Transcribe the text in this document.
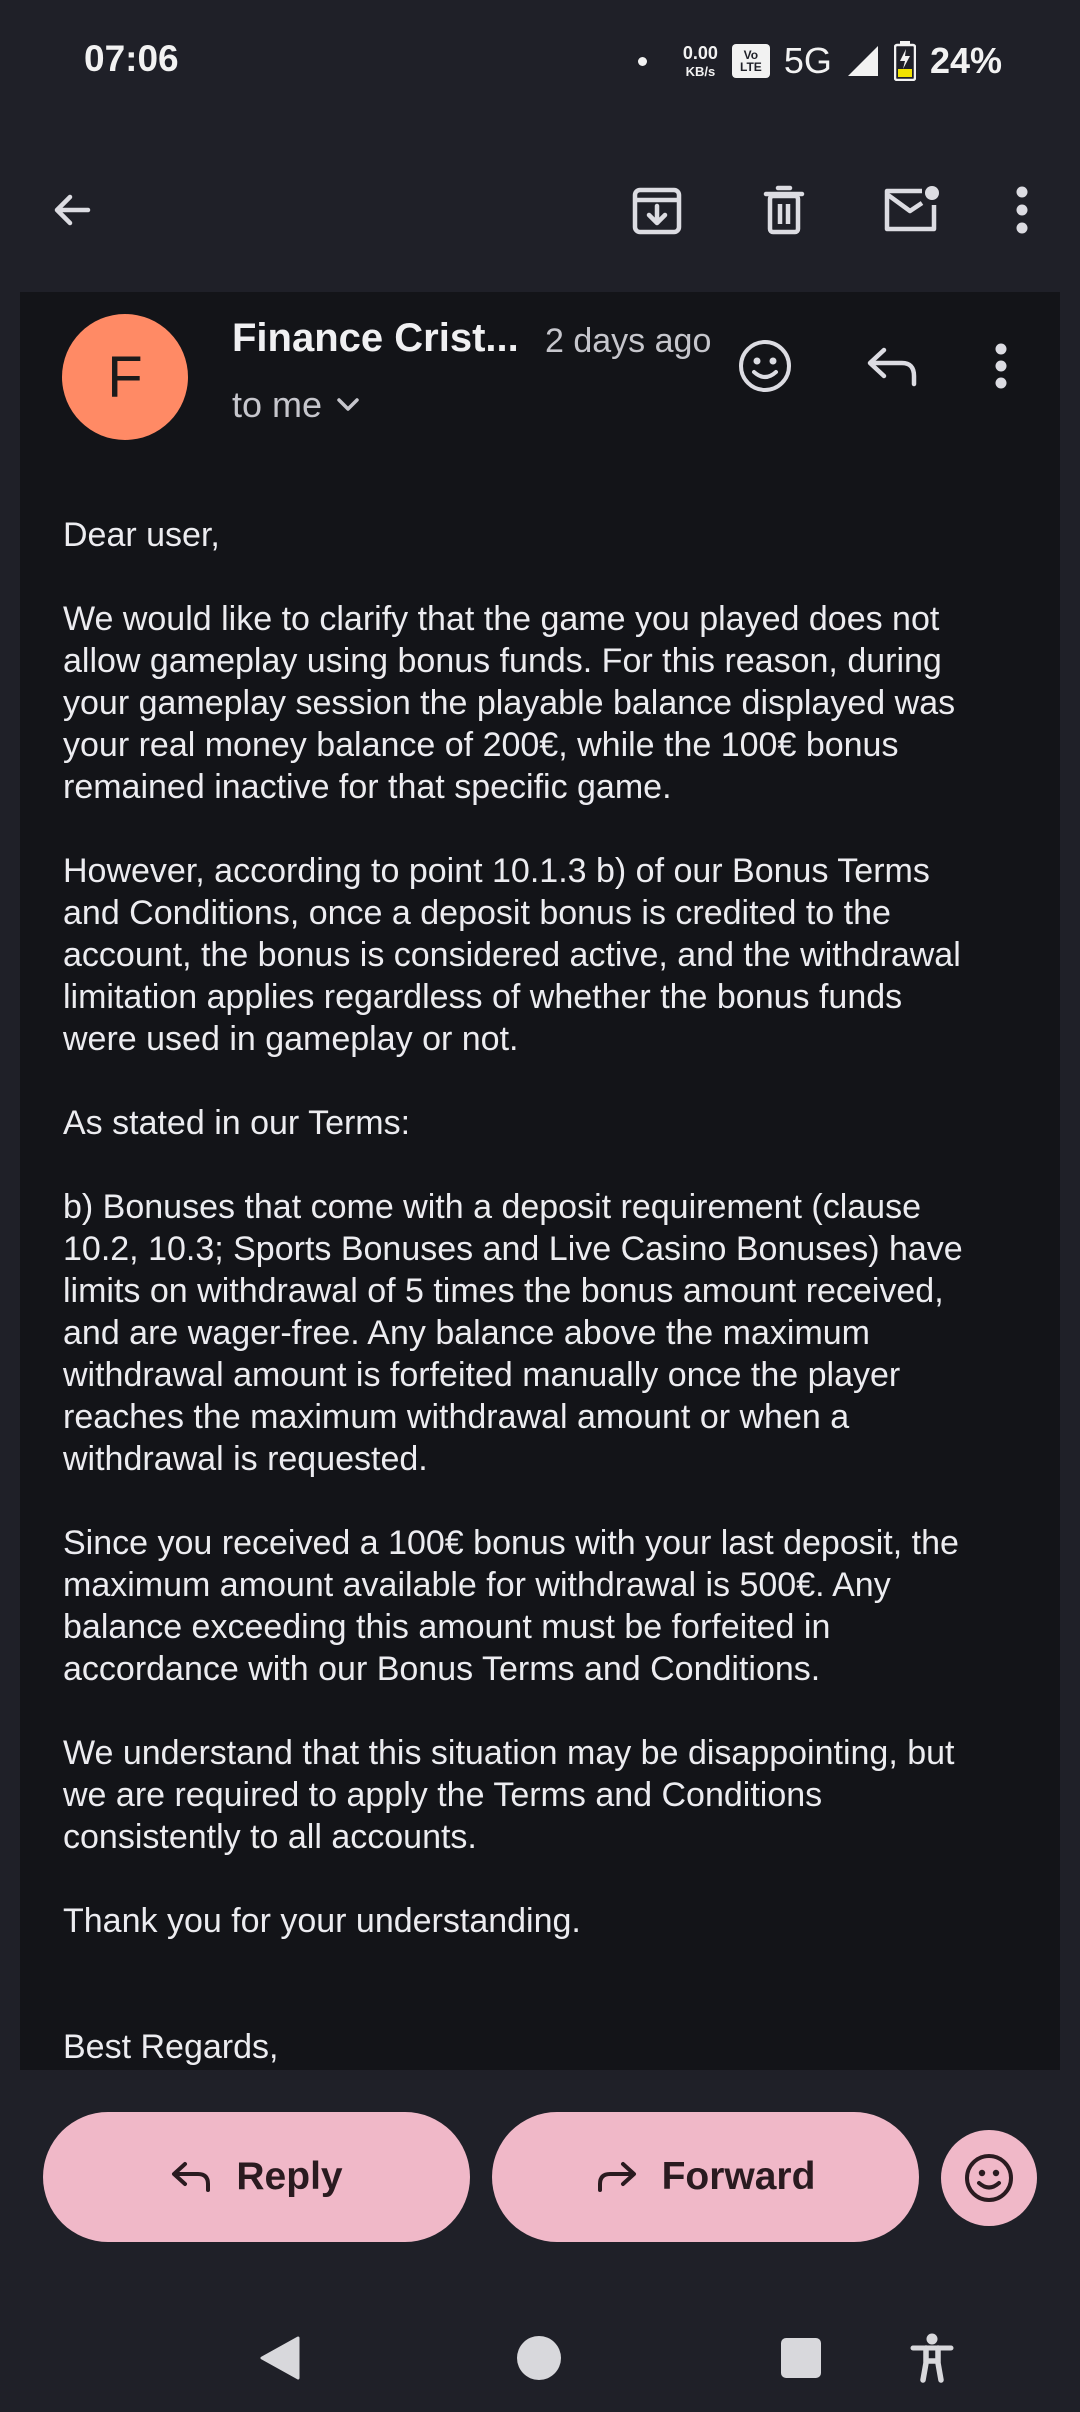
07:06	0.00
KB/s
Vo
LTE 5G	24%
F
Finance Crist... 2 days ago
to me

Dear user,

We would like to clarify that the game you played does not
allow gameplay using bonus funds. For this reason, during
your gameplay session the playable balance displayed was
your real money balance of 200€, while the 100€ bonus
remained inactive for that specific game.

However, according to point 10.1.3 b) of our Bonus Terms
and Conditions, once a deposit bonus is credited to the
account, the bonus is considered active, and the withdrawal
limitation applies regardless of whether the bonus funds
were used in gameplay or not.

As stated in our Terms:

b) Bonuses that come with a deposit requirement (clause
10.2, 10.3; Sports Bonuses and Live Casino Bonuses) have
limits on withdrawal of 5 times the bonus amount received,
and are wager-free. Any balance above the maximum
withdrawal amount is forfeited manually once the player
reaches the maximum withdrawal amount or when a
withdrawal is requested.

Since you received a 100€ bonus with your last deposit, the
maximum amount available for withdrawal is 500€. Any
balance exceeding this amount must be forfeited in
accordance with our Bonus Terms and Conditions.

We understand that this situation may be disappointing, but
we are required to apply the Terms and Conditions
consistently to all accounts.

Thank you for your understanding.

Best Regards,

Reply	Forward
